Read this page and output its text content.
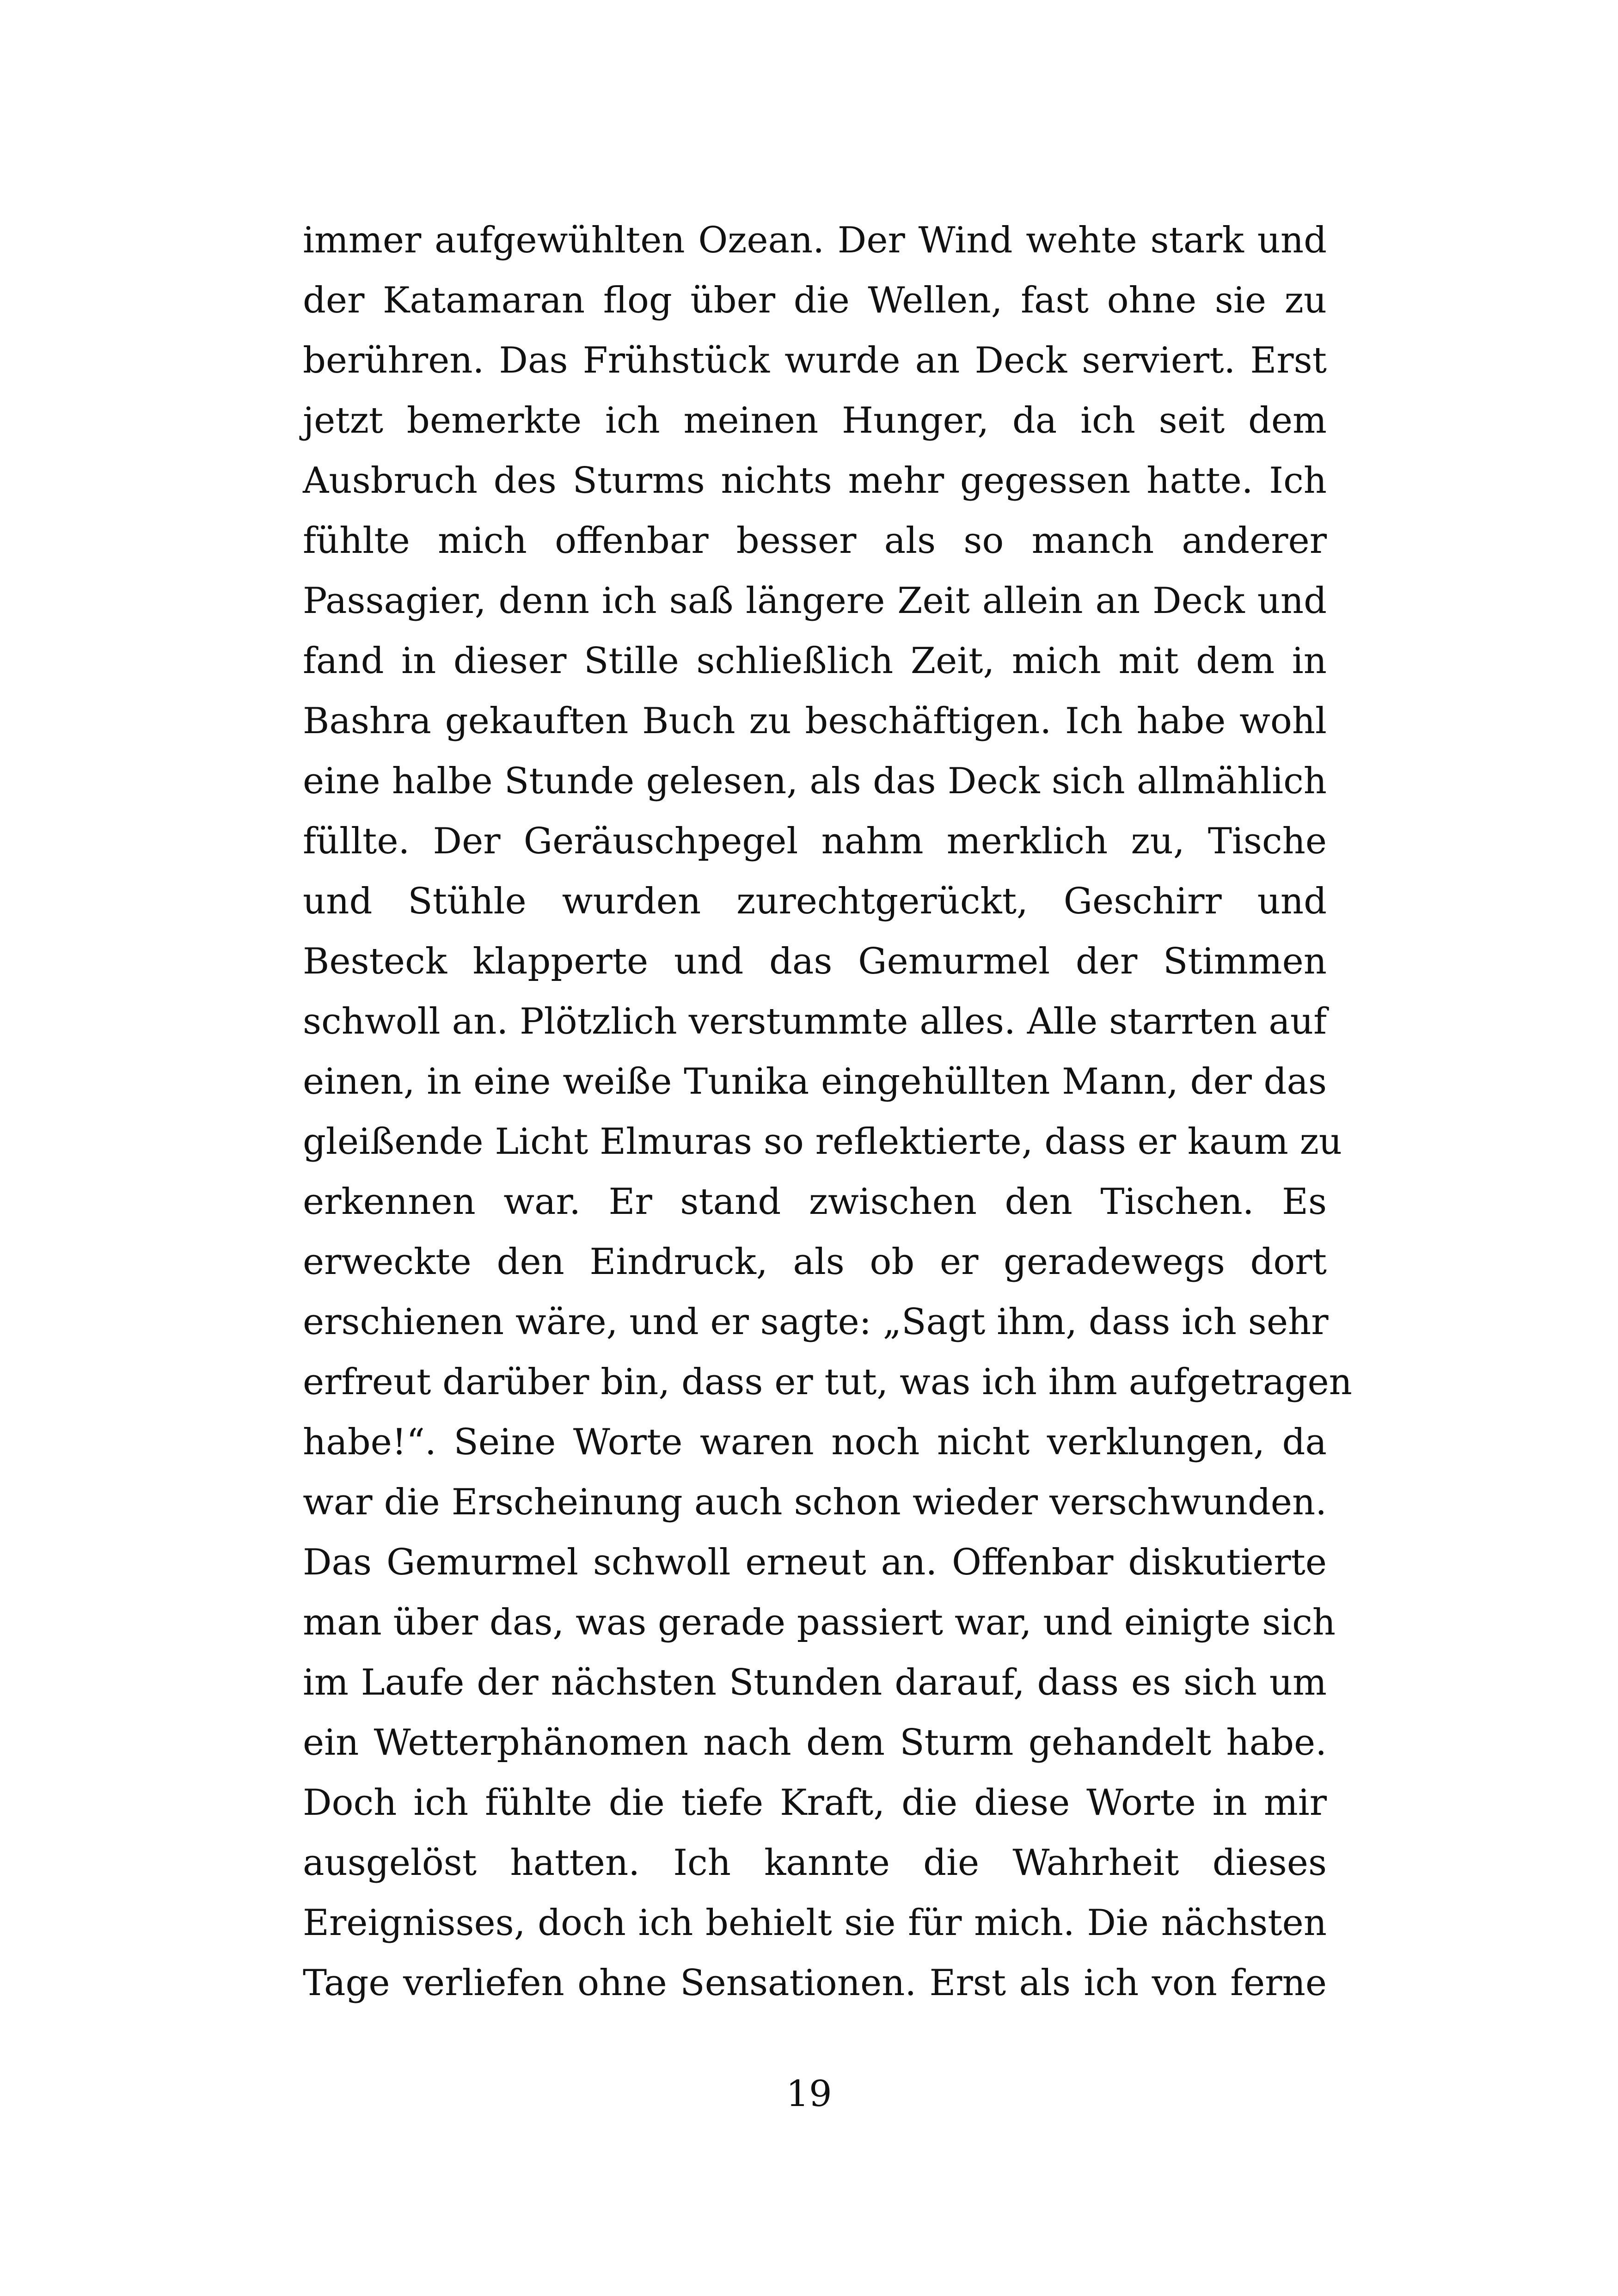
immer aufgewühlten Ozean. Der Wind wehte stark und
der Katamaran flog über die Wellen, fast ohne sie zu
berühren. Das Frühstück wurde an Deck serviert. Erst
jetzt bemerkte ich meinen Hunger, da ich seit dem
Ausbruch des Sturms nichts mehr gegessen hatte. Ich
fühlte mich offenbar besser als so manch anderer
Passagier, denn ich saß längere Zeit allein an Deck und
fand in dieser Stille schließlich Zeit, mich mit dem in
Bashra gekauften Buch zu beschäftigen. Ich habe wohl
eine halbe Stunde gelesen, als das Deck sich allmählich
füllte. Der Geräuschpegel nahm merklich zu, Tische
und Stühle wurden zurechtgerückt, Geschirr und
Besteck klapperte und das Gemurmel der Stimmen
schwoll an. Plötzlich verstummte alles. Alle starrten auf
einen, in eine weiße Tunika eingehüllten Mann, der das
gleißende Licht Elmuras so reflektierte, dass er kaum zu
erkennen war. Er stand zwischen den Tischen. Es
erweckte den Eindruck, als ob er geradewegs dort
erschienen wäre, und er sagte: „Sagt ihm, dass ich sehr
erfreut darüber bin, dass er tut, was ich ihm aufgetragen
habe!“. Seine Worte waren noch nicht verklungen, da
war die Erscheinung auch schon wieder verschwunden.
Das Gemurmel schwoll erneut an. Offenbar diskutierte
man über das, was gerade passiert war, und einigte sich
im Laufe der nächsten Stunden darauf, dass es sich um
ein Wetterphänomen nach dem Sturm gehandelt habe.
Doch ich fühlte die tiefe Kraft, die diese Worte in mir
ausgelöst hatten. Ich kannte die Wahrheit dieses
Ereignisses, doch ich behielt sie für mich. Die nächsten
Tage verliefen ohne Sensationen. Erst als ich von ferne
19
